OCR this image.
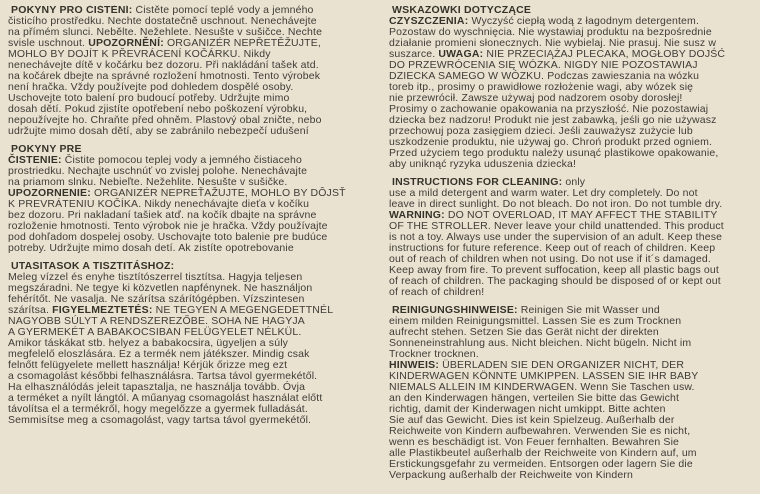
POKYNY PRO ČIŠTĚNÍ: Čistěte pomocí teplé vody a jemného
čisticího prostředku. Nechte dostatečně uschnout. Nenechávejte
na přímém slunci. Nebělte. Nežehlete. Nesušte v sušičce. Nechte
svisle uschnout. UPOZORNĚNÍ: ORGANIZÉR NEPŘETĚŽUJTE,
MOHLO BY DOJÍT K PŘEVRÁCENÍ KOČÁRKU. Nikdy
nenechávejte dítě v kočárku bez dozoru. Při nakládání tašek atd.
na kočárek dbejte na správné rozložení hmotnosti. Tento výrobek
není hračka. Vždy používejte pod dohledem dospělé osoby.
Uschovejte toto balení pro budoucí potřeby. Udržujte mimo
dosah dětí. Pokud zjistíte opotřebení nebo poškození výrobku,
nepoužívejte ho. Chraňte před ohněm. Plastový obal zničte, nebo
udržujte mimo dosah dětí, aby se zabránilo nebezpečí udušení
POKYNY PRE
ČISTENIE: Čistite pomocou teplej vody a jemného čistiaceho
prostriedku. Nechajte uschnúť vo zvislej polohe. Nenechávajte
na priamom slnku. Nebieľte. Nežehlite. Nesušte v sušičke.
UPOZORNENIE: ORGANIZÉR NEPREŤAŽUJTE, MOHLO BY DÔJSŤ
K PREVRÁTENIU KOČÍKA. Nikdy nenechávajte dieťa v kočíku
bez dozoru. Pri nakladaní tašiek atď. na kočík dbajte na správne
rozloženie hmotnosti. Tento výrobok nie je hračka. Vždy používajte
pod dohľadom dospelej osoby. Uschovajte toto balenie pre budúce
potreby. Udržujte mimo dosah detí. Ak zistíte opotrebovanie
UTASITASOK A TISZTITÁSHOZ:
Meleg vízzel és enyhe tisztítószerrel tisztítsa. Hagyja teljesen
megszáradni. Ne tegye ki közvetlen napfénynek. Ne használjon
fehérítőt. Ne vasalja. Ne szárítsa szárítógépben. Vízszintesen
szárítsa. FIGYELMEZTETÉS: NE TEGYEN A MEGENGEDETTNÉL
NAGYOBB SÚLYT A RENDSZEREZŐBE. SOHA NE HAGYJA
A GYERMEKÉT A BABAKOCSIBAN FELÜGYELET NÉLKÜL.
Amikor táskákat stb. helyez a babakocsira, ügyeljen a súly
megfelelő eloszlására. Ez a termék nem játékszer. Mindig csak
felnőtt felügyelete mellett használja! Kérjük őrizze meg ezt
a csomagolást későbbi felhasználásra. Tartsa távol gyermekétől.
Ha elhasználódás jeleit tapasztalja, ne használja tovább. Óvja
a terméket a nyílt lángtól. A műanyag csomagolást használat előtt
távolítsa el a termékről, hogy megelőzze a gyermek fulladását.
Semmisítse meg a csomagolást, vagy tartsa távol gyermekétől.
WSKAZÓWKI DOTYCZĄCE
CZYSZCZENIA: Wyczyść ciepłą wodą z łagodnym detergentem.
Pozostaw do wyschnięcia. Nie wystawiaj produktu na bezpośrednie
działanie promieni słonecznych. Nie wybielaj. Nie prasuj. Nie susz w
suszarce. UWAGA: NIE PRZECIĄŻAJ PLECAKA, MOGŁOBY DOJŚĆ
DO PRZEWRÓCENIA SIĘ WÓZKA. NIGDY NIE POZOSTAWIAJ
DZIECKA SAMEGO W WÓZKU. Podczas zawieszania na wózku
toreb itp., prosimy o prawidłowe rozłożenie wagi, aby wózek się
nie przewrócił. Zawsze używaj pod nadzorem osoby dorosłej!
Prosimy o zachowanie opakowania na przyszłość. Nie pozostawiaj
dziecka bez nadzoru! Produkt nie jest zabawką, jeśli go nie używasz
przechowuj poza zasięgiem dzieci. Jeśli zauważysz zużycie lub
uszkodzenie produktu, nie używaj go. Chroń produkt przed ogniem.
Przed użyciem tego produktu należy usunąć plastikowe opakowanie,
aby uniknąć ryzyka uduszenia dziecka!
INSTRUCTIONS FOR CLEANING: only
use a mild detergent and warm water. Let dry completely. Do not
leave in direct sunlight. Do not bleach. Do not iron. Do not tumble dry.
WARNING: DO NOT OVERLOAD, IT MAY AFFECT THE STABILITY
OF THE STROLLER. Never leave your child unattended. This product
is not a toy. Always use under the supervision of an adult. Keep these
instructions for future reference. Keep out of reach of children. Keep
out of reach of children when not using. Do not use if it´s damaged.
Keep away from fire. To prevent suffocation, keep all plastic bags out
of reach of children. The packaging should be disposed of or kept out
of reach of children!
REINIGUNGSHINWEISE: Reinigen Sie mit Wasser und
einem milden Reinigungsmittel. Lassen Sie es zum Trocknen
aufrecht stehen. Setzen Sie das Gerät nicht der direkten
Sonneneinstrahlung aus. Nicht bleichen. Nicht bügeln. Nicht im
Trockner trocknen.
HINWEIS: ÜBERLADEN SIE DEN ORGANIZER NICHT, DER
KINDERWAGEN KÖNNTE UMKIPPEN. LASSEN SIE IHR BABY
NIEMALS ALLEIN IM KINDERWAGEN. Wenn Sie Taschen usw.
an den Kinderwagen hängen, verteilen Sie bitte das Gewicht
richtig, damit der Kinderwagen nicht umkippt. Bitte achten
Sie auf das Gewicht. Dies ist kein Spielzeug. Außerhalb der
Reichweite von Kindern aufbewahren. Verwenden Sie es nicht,
wenn es beschädigt ist. Von Feuer fernhalten. Bewahren Sie
alle Plastikbeutel außerhalb der Reichweite von Kindern auf, um
Erstickungsgefahr zu vermeiden. Entsorgen oder lagern Sie die
Verpackung außerhalb der Reichweite von Kindern
